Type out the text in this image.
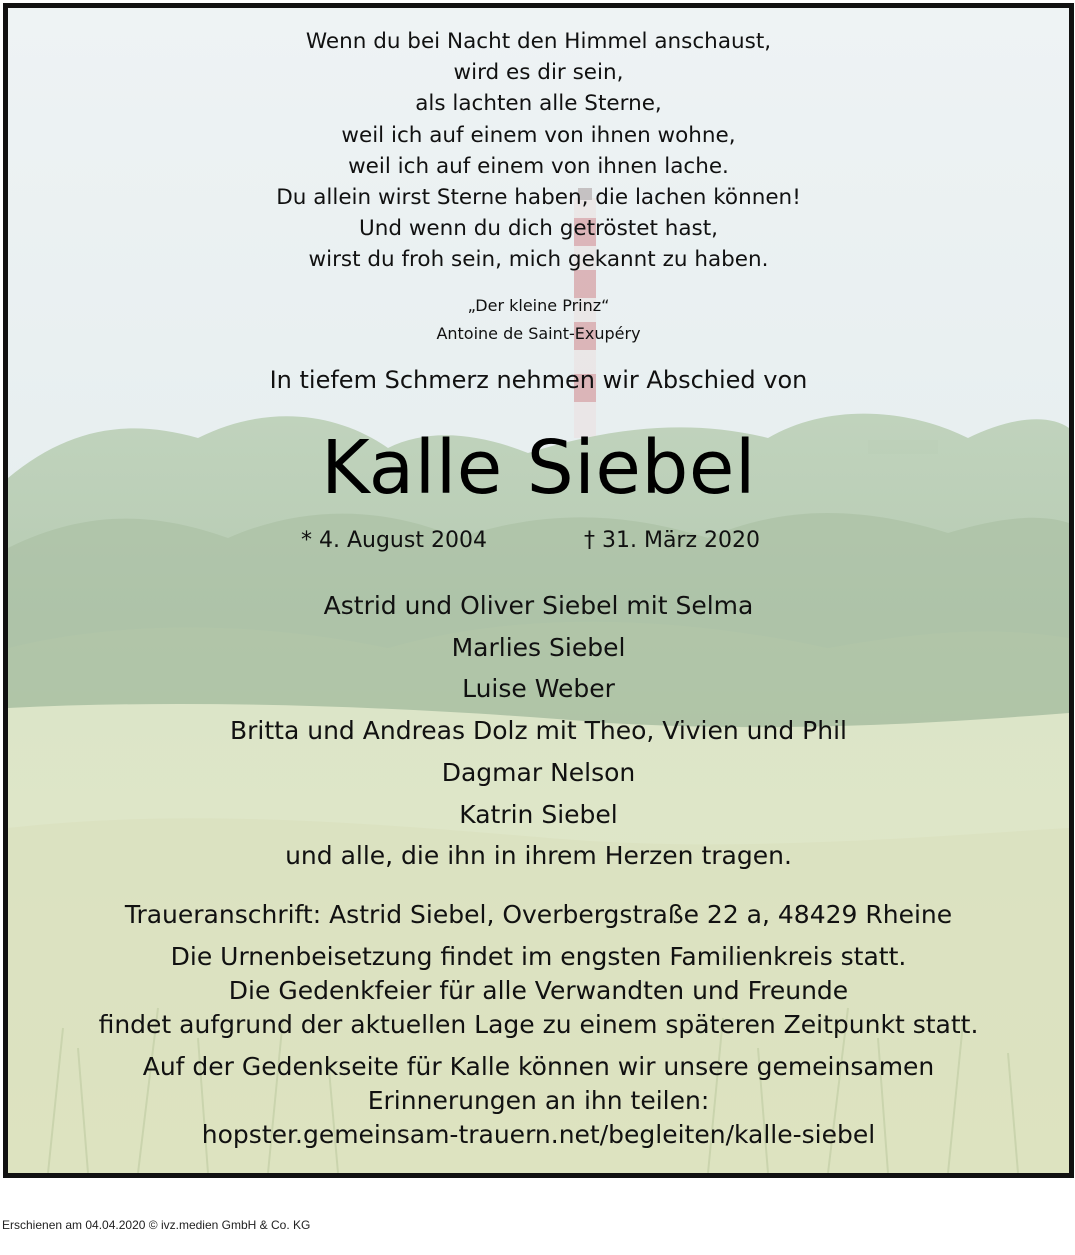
Wenn du bei Nacht den Himmel anschaust,
wird es dir sein,
als lachten alle Sterne,
weil ich auf einem von ihnen wohne,
weil ich auf einem von ihnen lache.
Du allein wirst Sterne haben, die lachen können!
Und wenn du dich getröstet hast,
wirst du froh sein, mich gekannt zu haben.
„Der kleine Prinz“
Antoine de Saint-Exupéry
In tiefem Schmerz nehmen wir Abschied von
Kalle Siebel
* 4. August 2004	† 31. März 2020
Astrid und Oliver Siebel mit Selma
Marlies Siebel
Luise Weber
Britta und Andreas Dolz mit Theo, Vivien und Phil
Dagmar Nelson
Katrin Siebel
und alle, die ihn in ihrem Herzen tragen.
Traueranschrift: Astrid Siebel, Overbergstraße 22 a, 48429 Rheine
Die Urnenbeisetzung findet im engsten Familienkreis statt.
Die Gedenkfeier für alle Verwandten und Freunde
findet aufgrund der aktuellen Lage zu einem späteren Zeitpunkt statt.
Auf der Gedenkseite für Kalle können wir unsere gemeinsamen
Erinnerungen an ihn teilen:
hopster.gemeinsam-trauern.net/begleiten/kalle-siebel
Erschienen am 04.04.2020 © ivz.medien GmbH & Co. KG
